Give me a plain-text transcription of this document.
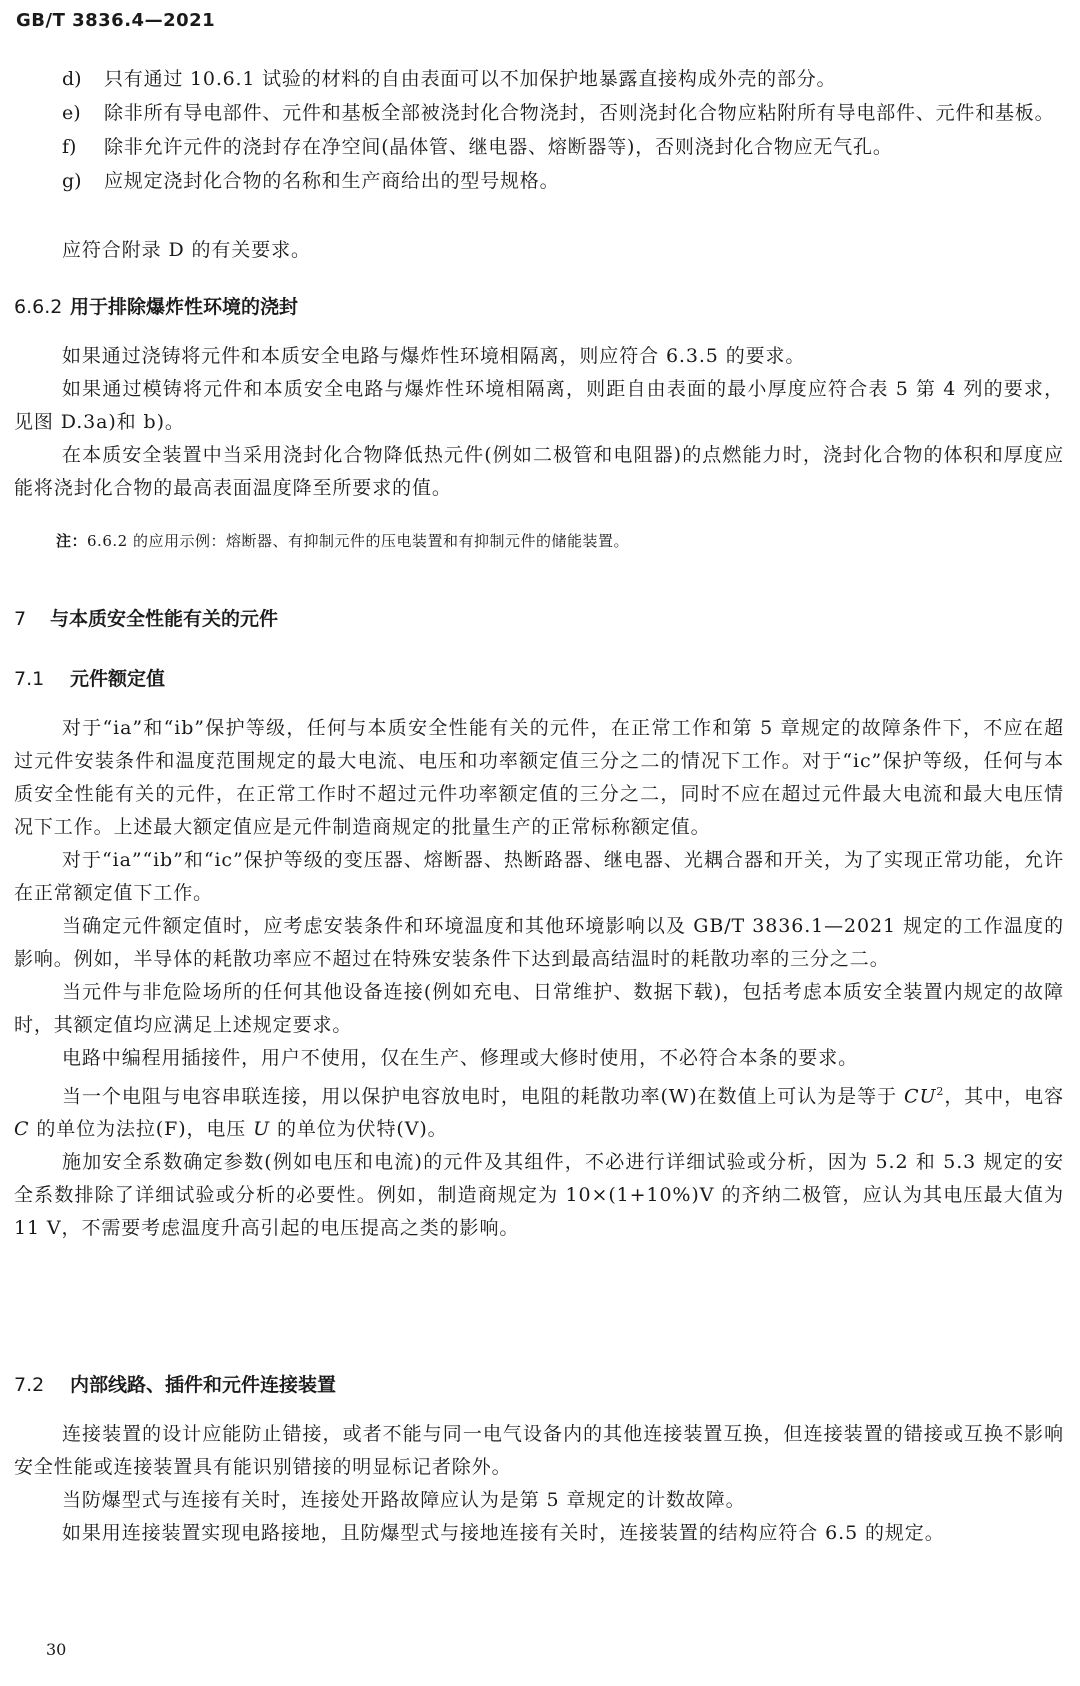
GB/T 3836.4—2021

d)	只有通过 10.6.1 试验的材料的自由表面可以不加保护地暴露直接构成外壳的部分。

e)	除非所有导电部件、元件和基板全部被浇封化合物浇封，否则浇封化合物应粘附所有导电部件、元件和基板。

f)	除非允许元件的浇封存在净空间(晶体管、继电器、熔断器等)，否则浇封化合物应无气孔。

g)	应规定浇封化合物的名称和生产商给出的型号规格。

应符合附录 D 的有关要求。

6.6.2 用于排除爆炸性环境的浇封

如果通过浇铸将元件和本质安全电路与爆炸性环境相隔离，则应符合 6.3.5 的要求。

如果通过模铸将元件和本质安全电路与爆炸性环境相隔离，则距自由表面的最小厚度应符合表 5 第 4 列的要求，见图 D.3a)和 b)。

在本质安全装置中当采用浇封化合物降低热元件(例如二极管和电阻器)的点燃能力时，浇封化合物的体积和厚度应能将浇封化合物的最高表面温度降至所要求的值。

注：6.6.2 的应用示例：熔断器、有抑制元件的压电装置和有抑制元件的储能装置。

7 与本质安全性能有关的元件
7.1 元件额定值

对于“ia”和“ib”保护等级，任何与本质安全性能有关的元件，在正常工作和第 5 章规定的故障条件下，不应在超过元件安装条件和温度范围规定的最大电流、电压和功率额定值三分之二的情况下工作。对于“ic”保护等级，任何与本质安全性能有关的元件，在正常工作时不超过元件功率额定值的三分之二，同时不应在超过元件最大电流和最大电压情况下工作。上述最大额定值应是元件制造商规定的批量生产的正常标称额定值。

对于“ia”“ib”和“ic”保护等级的变压器、熔断器、热断路器、继电器、光耦合器和开关，为了实现正常功能，允许在正常额定值下工作。

当确定元件额定值时，应考虑安装条件和环境温度和其他环境影响以及 GB/T 3836.1—2021 规定的工作温度的影响。例如，半导体的耗散功率应不超过在特殊安装条件下达到最高结温时的耗散功率的三分之二。

当元件与非危险场所的任何其他设备连接(例如充电、日常维护、数据下载)，包括考虑本质安全装置内规定的故障时，其额定值均应满足上述规定要求。

电路中编程用插接件，用户不使用，仅在生产、修理或大修时使用，不必符合本条的要求。

当一个电阻与电容串联连接，用以保护电容放电时，电阻的耗散功率(W)在数值上可认为是等于 $CU^2$，其中，电容 C 的单位为法拉(F)，电压 U 的单位为伏特(V)。

施加安全系数确定参数(例如电压和电流)的元件及其组件，不必进行详细试验或分析，因为 5.2 和 5.3 规定的安全系数排除了详细试验或分析的必要性。例如，制造商规定为 10×(1+10%)V 的齐纳二极管，应认为其电压最大值为 11 V，不需要考虑温度升高引起的电压提高之类的影响。

7.2 内部线路、插件和元件连接装置

连接装置的设计应能防止错接，或者不能与同一电气设备内的其他连接装置互换，但连接装置的错接或互换不影响安全性能或连接装置具有能识别错接的明显标记者除外。

当防爆型式与连接有关时，连接处开路故障应认为是第 5 章规定的计数故障。

如果用连接装置实现电路接地，且防爆型式与接地连接有关时，连接装置的结构应符合 6.5 的规定。

30
